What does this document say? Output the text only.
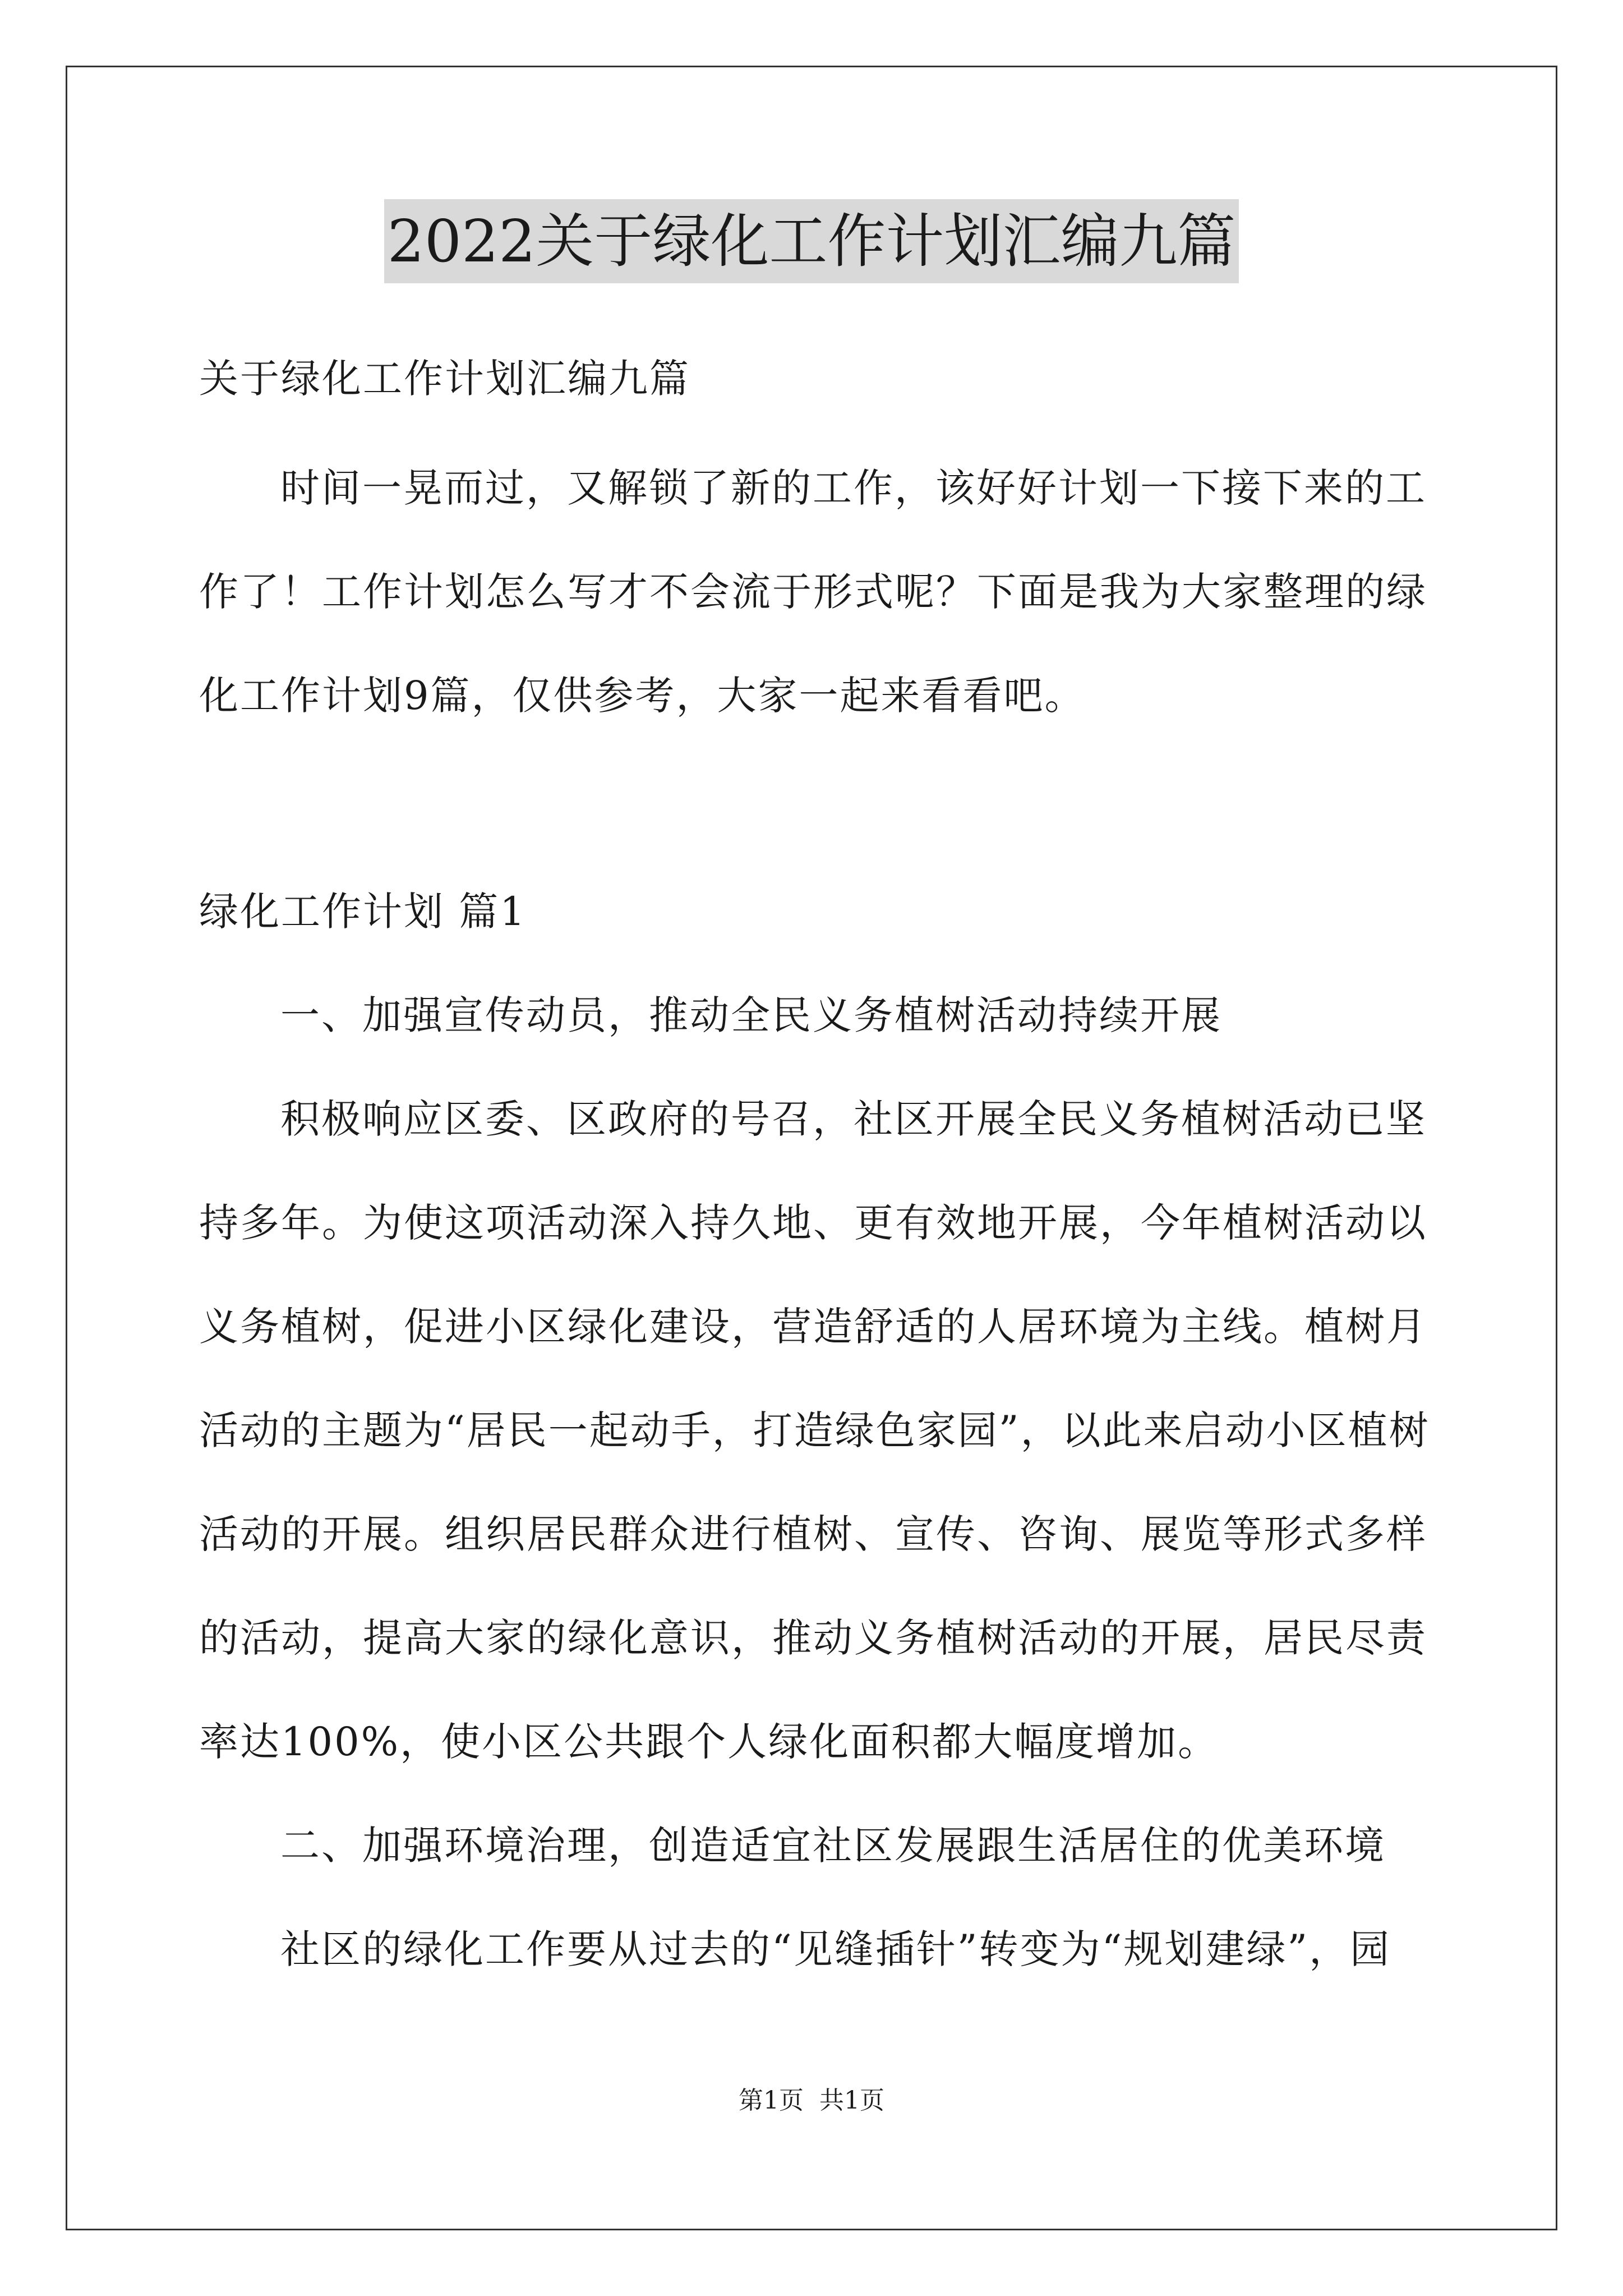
2022关于绿化工作计划汇编九篇
关于绿化工作计划汇编九篇
时间一晃而过，又解锁了新的工作，该好好计划一下接下来的工
作了！工作计划怎么写才不会流于形式呢？下面是我为大家整理的绿
化工作计划9篇，仅供参考，大家一起来看看吧。
绿化工作计划 篇1
一、加强宣传动员，推动全民义务植树活动持续开展
积极响应区委、区政府的号召，社区开展全民义务植树活动已坚
持多年。为使这项活动深入持久地、更有效地开展，今年植树活动以
义务植树，促进小区绿化建设，营造舒适的人居环境为主线。植树月
活动的主题为“居民一起动手，打造绿色家园”，以此来启动小区植树
活动的开展。组织居民群众进行植树、宣传、咨询、展览等形式多样
的活动，提高大家的绿化意识，推动义务植树活动的开展，居民尽责
率达100%，使小区公共跟个人绿化面积都大幅度增加。
二、加强环境治理，创造适宜社区发展跟生活居住的优美环境
社区的绿化工作要从过去的“见缝插针”转变为“规划建绿”，园
第1页 共1页
